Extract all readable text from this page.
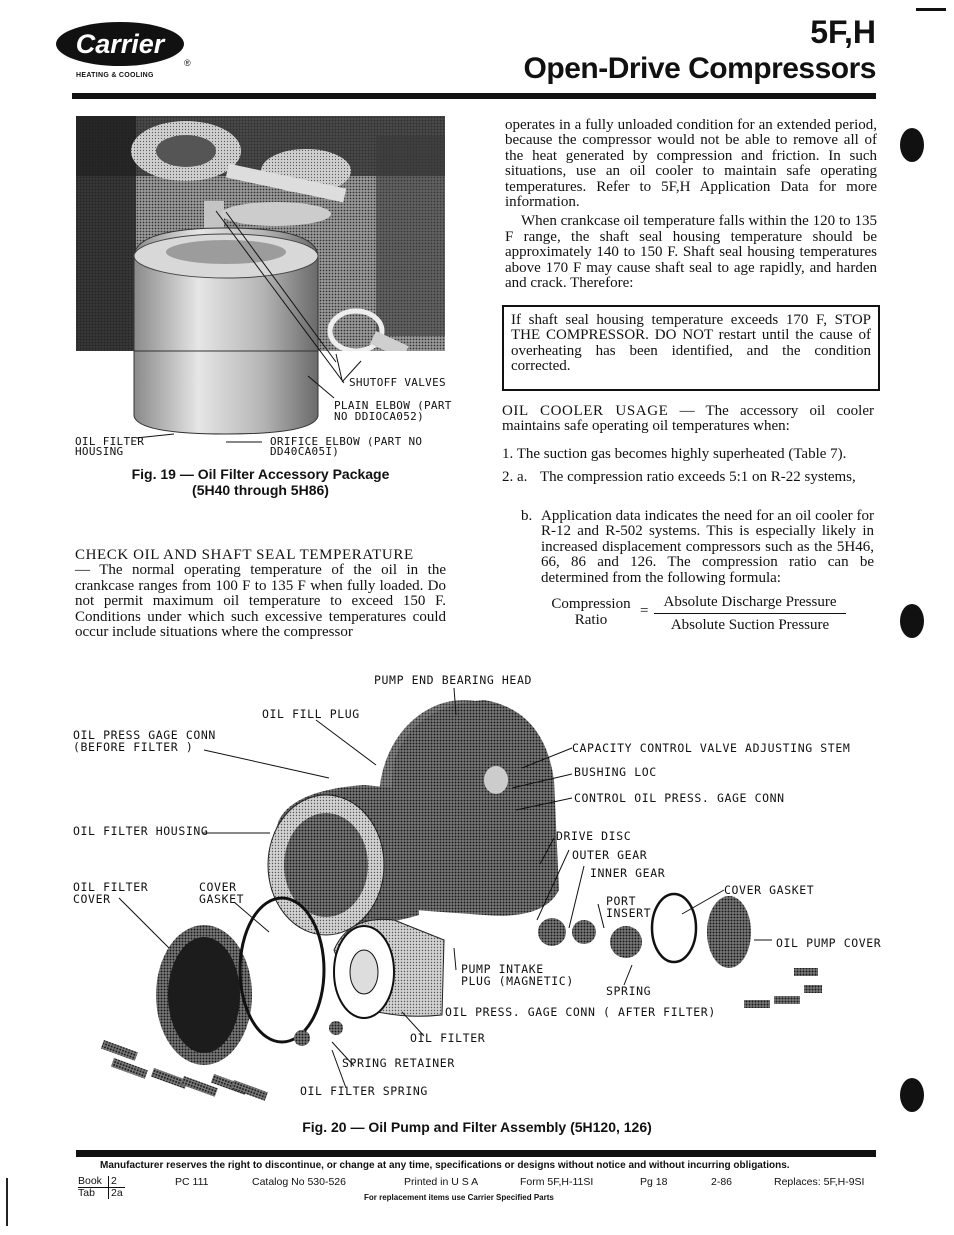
Carrier
®
HEATING & COOLING
5F,H
Open-Drive Compressors
SHUTOFF VALVES
PLAIN ELBOW (PART
NO DDIOCA052)
OIL FILTER
HOUSING
ORIFICE ELBOW (PART NO
DD40CA05I)
Fig. 19 — Oil Filter Accessory Package
(5H40 through 5H86)

CHECK OIL AND SHAFT SEAL TEMPERATURE

— The normal operating temperature of the oil in the crankcase ranges from 100 F to 135 F when fully loaded. Do not permit maximum oil temperature to exceed 150 F. Conditions under which such excessive temperatures could occur include situations where the compressor

operates in a fully unloaded condition for an extended period, because the compressor would not be able to remove all of the heat generated by compression and friction. In such situations, use an oil cooler to maintain safe operating temperatures. Refer to 5F,H Application Data for more information.

When crankcase oil temperature falls within the 120 to 135 F range, the shaft seal housing temperature should be approximately 140 to 150 F. Shaft seal housing temperatures above 170 F may cause shaft seal to age rapidly, and harden and crack. Therefore:

If shaft seal housing temperature exceeds 170 F, STOP THE COMPRESSOR. DO NOT restart until the cause of overheating has been identified, and the condition corrected.

OIL COOLER USAGE — The accessory oil cooler maintains safe operating oil temperatures when:

1. The suction gas becomes highly superheated (Table 7).
2. a. The compression ratio exceeds 5:1 on R-22 systems,
b. Application data indicates the need for an oil cooler for R-12 and R-502 systems. This is especially likely in increased displacement compressors such as the 5H46, 66, 86 and 126. The compression ratio can be determined from the following formula:
Compression
Ratio
=
Absolute Discharge Pressure
Absolute Suction Pressure
PUMP END BEARING HEAD
OIL FILL PLUG
OIL PRESS GAGE CONN
(BEFORE FILTER )	CAPACITY CONTROL VALVE ADJUSTING STEM
BUSHING LOC
CONTROL OIL PRESS. GAGE CONN
OIL FILTER HOUSING	DRIVE DISC
OUTER GEAR
INNER GEAR
OIL FILTER
COVER
COVER
GASKET
COVER GASKET
PORT
INSERT
OIL PUMP COVER
PUMP INTAKE
PLUG (MAGNETIC)
SPRING
OIL PRESS. GAGE CONN ( AFTER FILTER)
OIL FILTER
SPRING RETAINER
OIL FILTER SPRING
Fig. 20 — Oil Pump and Filter Assembly (5H120, 126)
Manufacturer reserves the right to discontinue, or change at any time, specifications or designs without notice and without incurring obligations.
Book 2
Tab 2a
PC 111	Catalog No 530-526	Printed in U S A	Form 5F,H-11SI	Pg 18	2-86	Replaces: 5F,H-9SI
For replacement items use Carrier Specified Parts
